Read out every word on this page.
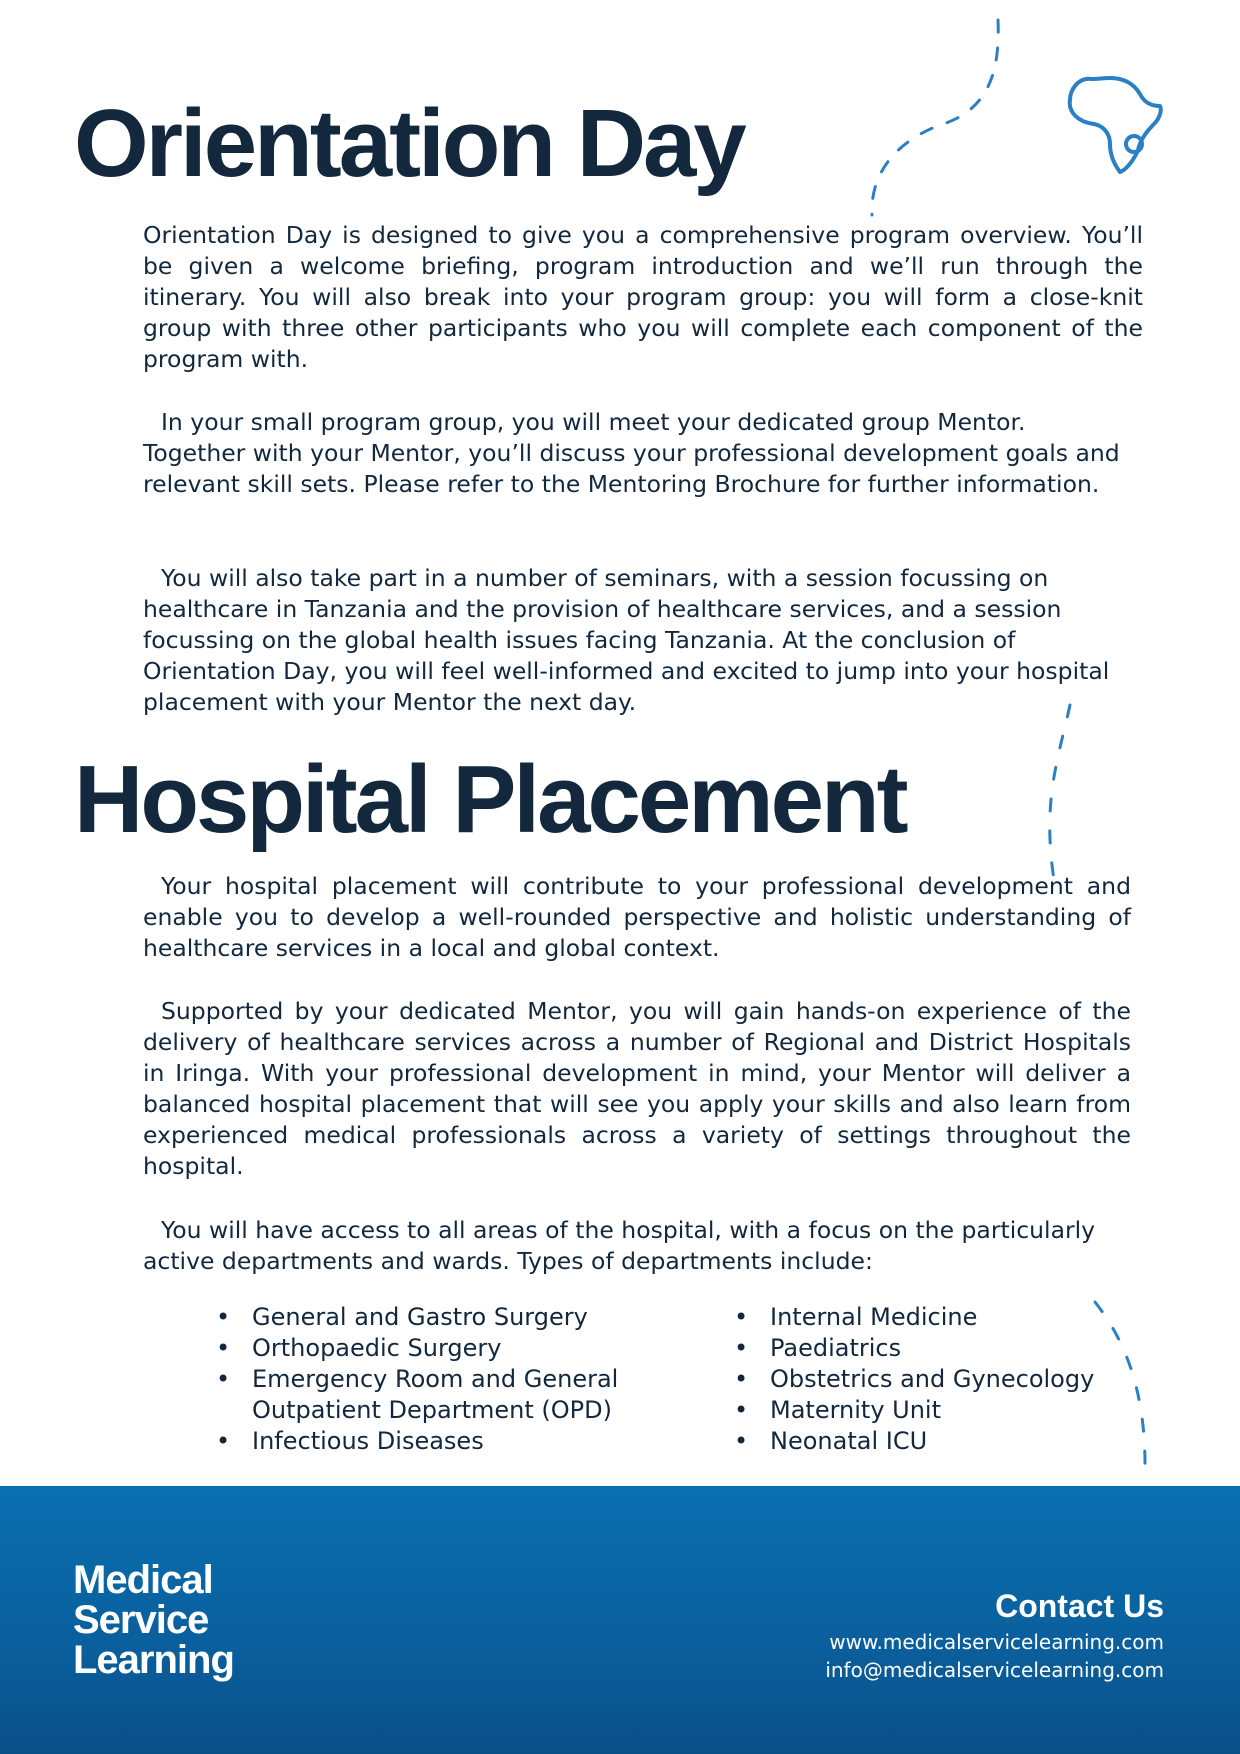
Orientation Day

Orientation Day is designed to give you a comprehensive program overview. You’ll be given a welcome briefing, program introduction and we’ll run through the itinerary. You will also break into your program group: you will form a close-knit group with three other participants who you will complete each component of the program with.

In your small program group, you will meet your dedicated group Mentor. Together with your Mentor, you’ll discuss your professional development goals and relevant skill sets. Please refer to the Mentoring Brochure for further information.

You will also take part in a number of seminars, with a session focussing on healthcare in Tanzania and the provision of healthcare services, and a session focussing on the global health issues facing Tanzania. At the conclusion of Orientation Day, you will feel well-informed and excited to jump into your hospital placement with your Mentor the next day.

Hospital Placement

Your hospital placement will contribute to your professional development and enable you to develop a well-rounded perspective and holistic understanding of healthcare services in a local and global context.

Supported by your dedicated Mentor, you will gain hands-on experience of the delivery of healthcare services across a number of Regional and District Hospitals in Iringa. With your professional development in mind, your Mentor will deliver a balanced hospital placement that will see you apply your skills and also learn from experienced medical professionals across a variety of settings throughout the hospital.

You will have access to all areas of the hospital, with a focus on the particularly active departments and wards. Types of departments include:

• General and Gastro Surgery
• Orthopaedic Surgery
• Emergency Room and General Outpatient Department (OPD)
• Infectious Diseases
• Internal Medicine
• Paediatrics
• Obstetrics and Gynecology
• Maternity Unit
• Neonatal ICU
Medical
Service
Learning

Contact Us

www.medicalservicelearning.com

info@medicalservicelearning.com
